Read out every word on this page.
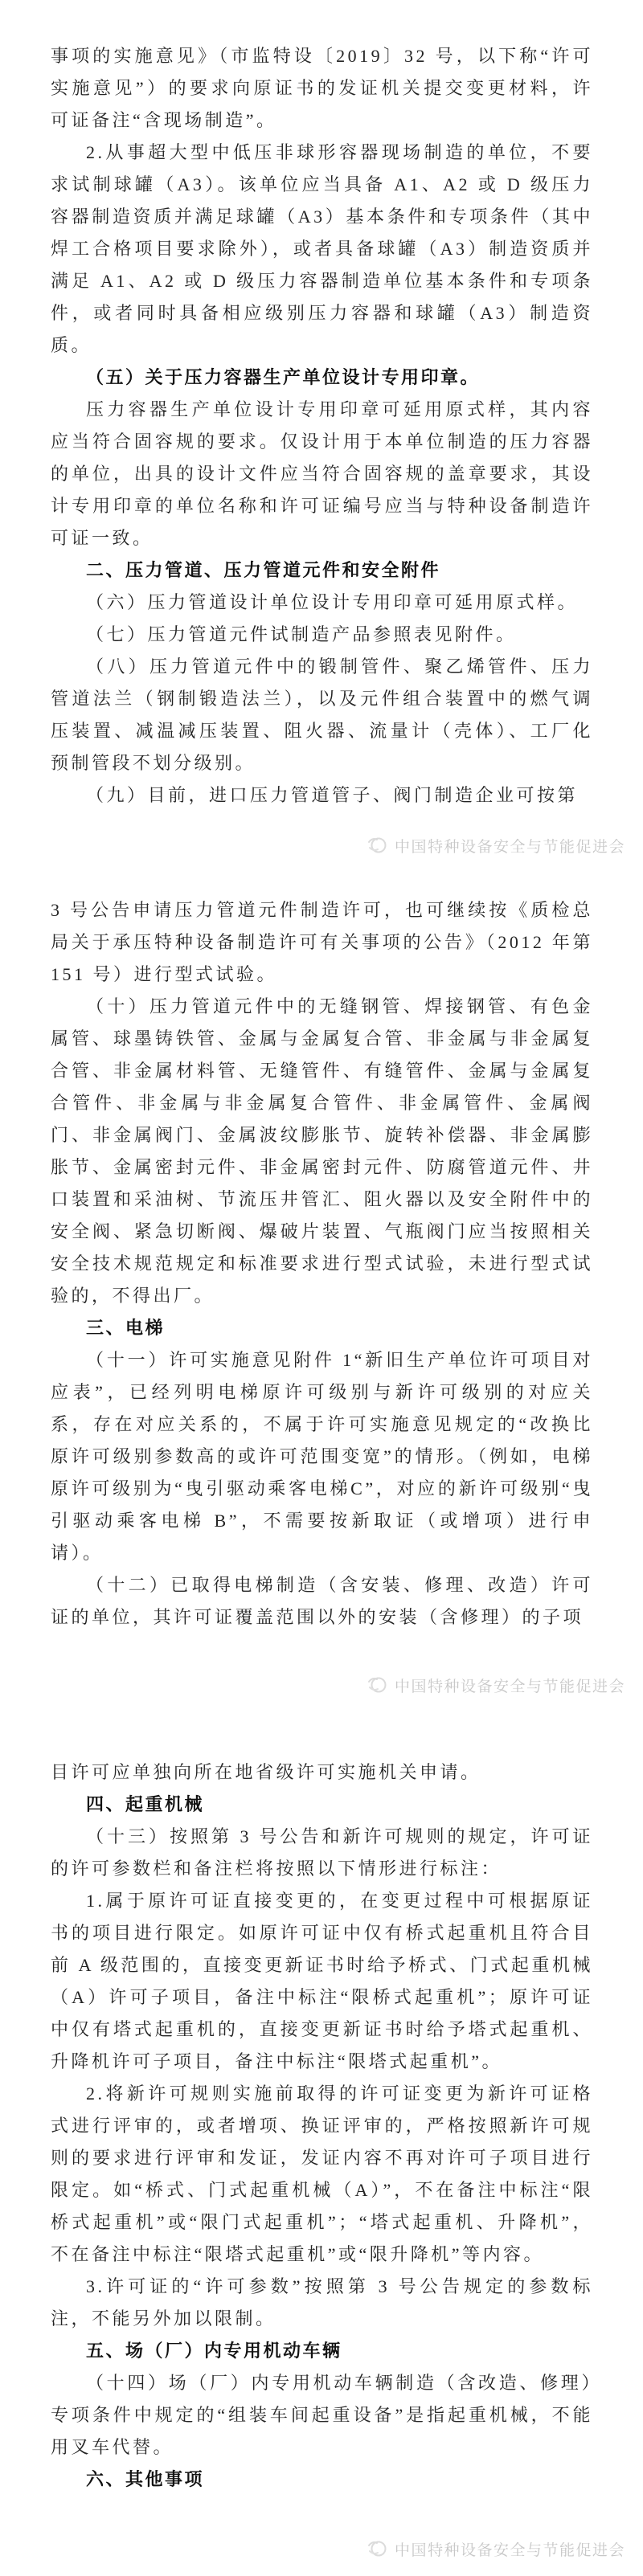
事项的实施意见》（市监特设〔2019〕32 号，以下称“许可实施意见”）的要求向原证书的发证机关提交变更材料，许可证备注“含现场制造”。

2.从事超大型中低压非球形容器现场制造的单位，不要求试制球罐（A3）。该单位应当具备 A1、A2 或 D 级压力容器制造资质并满足球罐（A3）基本条件和专项条件（其中焊工合格项目要求除外），或者具备球罐（A3）制造资质并满足 A1、A2 或 D 级压力容器制造单位基本条件和专项条件，或者同时具备相应级别压力容器和球罐（A3）制造资质。

（五）关于压力容器生产单位设计专用印章。

压力容器生产单位设计专用印章可延用原式样，其内容应当符合固容规的要求。仅设计用于本单位制造的压力容器的单位，出具的设计文件应当符合固容规的盖章要求，其设计专用印章的单位名称和许可证编号应当与特种设备制造许可证一致。

二、压力管道、压力管道元件和安全附件

（六）压力管道设计单位设计专用印章可延用原式样。

（七）压力管道元件试制造产品参照表见附件。

（八）压力管道元件中的锻制管件、聚乙烯管件、压力管道法兰（钢制锻造法兰），以及元件组合装置中的燃气调压装置、减温减压装置、阻火器、流量计（壳体）、工厂化预制管段不划分级别。

（九）目前，进口压力管道管子、阀门制造企业可按第

中国特种设备安全与节能促进会

3 号公告申请压力管道元件制造许可，也可继续按《质检总局关于承压特种设备制造许可有关事项的公告》（2012 年第 151 号）进行型式试验。

（十）压力管道元件中的无缝钢管、焊接钢管、有色金属管、球墨铸铁管、金属与金属复合管、非金属与非金属复合管、非金属材料管、无缝管件、有缝管件、金属与金属复合管件、非金属与非金属复合管件、非金属管件、金属阀门、非金属阀门、金属波纹膨胀节、旋转补偿器、非金属膨胀节、金属密封元件、非金属密封元件、防腐管道元件、井口装置和采油树、节流压井管汇、阻火器以及安全附件中的安全阀、紧急切断阀、爆破片装置、气瓶阀门应当按照相关安全技术规范规定和标准要求进行型式试验，未进行型式试验的，不得出厂。

三、电梯

（十一）许可实施意见附件 1“新旧生产单位许可项目对应表”，已经列明电梯原许可级别与新许可级别的对应关系，存在对应关系的，不属于许可实施意见规定的“改换比原许可级别参数高的或许可范围变宽”的情形。（例如，电梯原许可级别为“曳引驱动乘客电梯C”，对应的新许可级别“曳引驱动乘客电梯 B”，不需要按新取证（或增项）进行申请）。

（十二）已取得电梯制造（含安装、修理、改造）许可证的单位，其许可证覆盖范围以外的安装（含修理）的子项

中国特种设备安全与节能促进会

目许可应单独向所在地省级许可实施机关申请。

四、起重机械

（十三）按照第 3 号公告和新许可规则的规定，许可证的许可参数栏和备注栏将按照以下情形进行标注：

1.属于原许可证直接变更的，在变更过程中可根据原证书的项目进行限定。如原许可证中仅有桥式起重机且符合目前 A 级范围的，直接变更新证书时给予桥式、门式起重机械（A）许可子项目，备注中标注“限桥式起重机”；原许可证中仅有塔式起重机的，直接变更新证书时给予塔式起重机、升降机许可子项目，备注中标注“限塔式起重机”。

2.将新许可规则实施前取得的许可证变更为新许可证格式进行评审的，或者增项、换证评审的，严格按照新许可规则的要求进行评审和发证，发证内容不再对许可子项目进行限定。如“桥式、门式起重机械（A）”，不在备注中标注“限桥式起重机”或“限门式起重机”；“塔式起重机、升降机”，不在备注中标注“限塔式起重机”或“限升降机”等内容。

3.许可证的“许可参数”按照第 3 号公告规定的参数标注，不能另外加以限制。

五、场（厂）内专用机动车辆

（十四）场（厂）内专用机动车辆制造（含改造、修理）专项条件中规定的“组装车间起重设备”是指起重机械，不能用叉车代替。

六、其他事项

中国特种设备安全与节能促进会
